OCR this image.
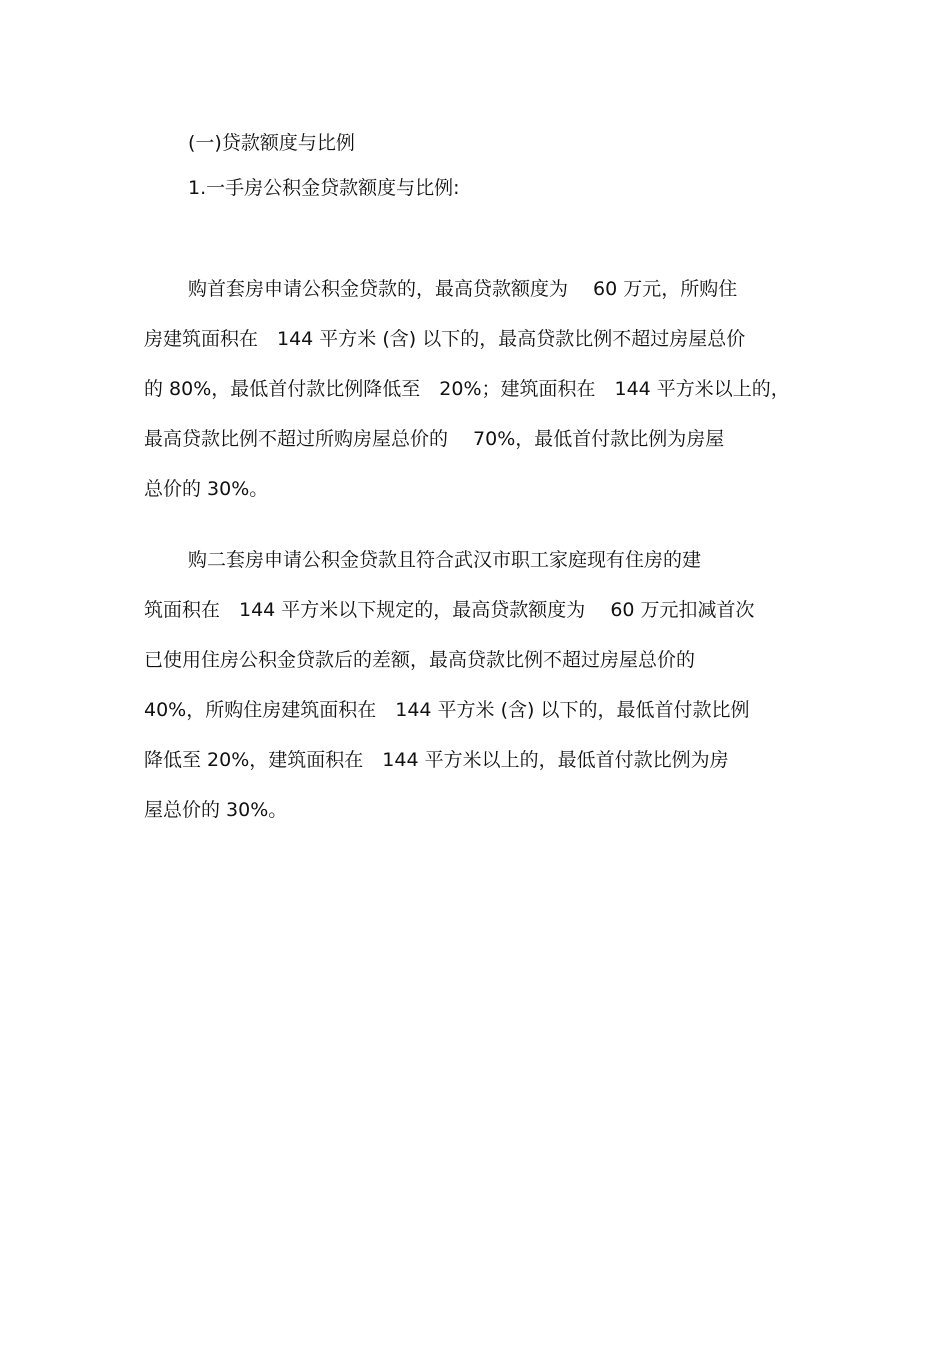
(一)贷款额度与比例

1.一手房公积金贷款额度与比例:

购首套房申请公积金贷款的，最高贷款额度为　 60 万元，所购住
房建筑面积在　144 平方米 (含) 以下的，最高贷款比例不超过房屋总价
的 80%，最低首付款比例降低至　20%；建筑面积在　144 平方米以上的，
最高贷款比例不超过所购房屋总价的　 70%，最低首付款比例为房屋
总价的 30%。
购二套房申请公积金贷款且符合武汉市职工家庭现有住房的建
筑面积在　144 平方米以下规定的，最高贷款额度为　 60 万元扣减首次
已使用住房公积金贷款后的差额，最高贷款比例不超过房屋总价的
40%，所购住房建筑面积在　144 平方米 (含) 以下的，最低首付款比例
降低至 20%，建筑面积在　144 平方米以上的，最低首付款比例为房
屋总价的 30%。
